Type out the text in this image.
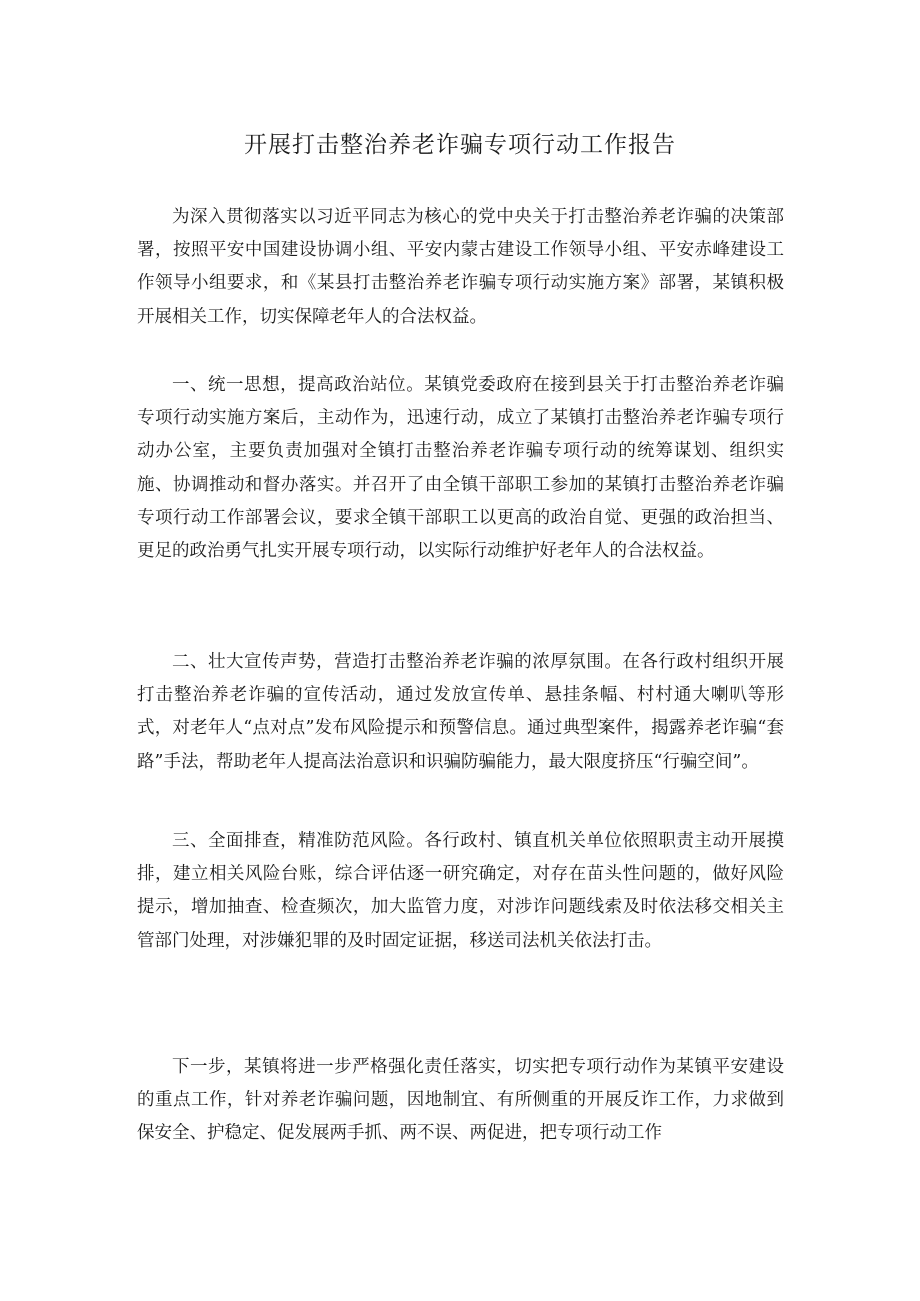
开展打击整治养老诈骗专项行动工作报告

为深入贯彻落实以习近平同志为核心的党中央关于打击整治养老诈骗的决策部署，按照平安中国建设协调小组、平安内蒙古建设工作领导小组、平安赤峰建设工作领导小组要求，和《某县打击整治养老诈骗专项行动实施方案》部署，某镇积极开展相关工作，切实保障老年人的合法权益。

一、统一思想，提高政治站位。某镇党委政府在接到县关于打击整治养老诈骗专项行动实施方案后，主动作为，迅速行动，成立了某镇打击整治养老诈骗专项行动办公室，主要负责加强对全镇打击整治养老诈骗专项行动的统筹谋划、组织实施、协调推动和督办落实。并召开了由全镇干部职工参加的某镇打击整治养老诈骗专项行动工作部署会议，要求全镇干部职工以更高的政治自觉、更强的政治担当、更足的政治勇气扎实开展专项行动，以实际行动维护好老年人的合法权益。

二、壮大宣传声势，营造打击整治养老诈骗的浓厚氛围。在各行政村组织开展打击整治养老诈骗的宣传活动，通过发放宣传单、悬挂条幅、村村通大喇叭等形式，对老年人“点对点”发布风险提示和预警信息。通过典型案件，揭露养老诈骗“套路”手法，帮助老年人提高法治意识和识骗防骗能力，最大限度挤压“行骗空间”。

三、全面排查，精准防范风险。各行政村、镇直机关单位依照职责主动开展摸排，建立相关风险台账，综合评估逐一研究确定，对存在苗头性问题的，做好风险提示，增加抽查、检查频次，加大监管力度，对涉诈问题线索及时依法移交相关主管部门处理，对涉嫌犯罪的及时固定证据，移送司法机关依法打击。

下一步，某镇将进一步严格强化责任落实，切实把专项行动作为某镇平安建设的重点工作，针对养老诈骗问题，因地制宜、有所侧重的开展反诈工作，力求做到保安全、护稳定、促发展两手抓、两不误、两促进，把专项行动工作
